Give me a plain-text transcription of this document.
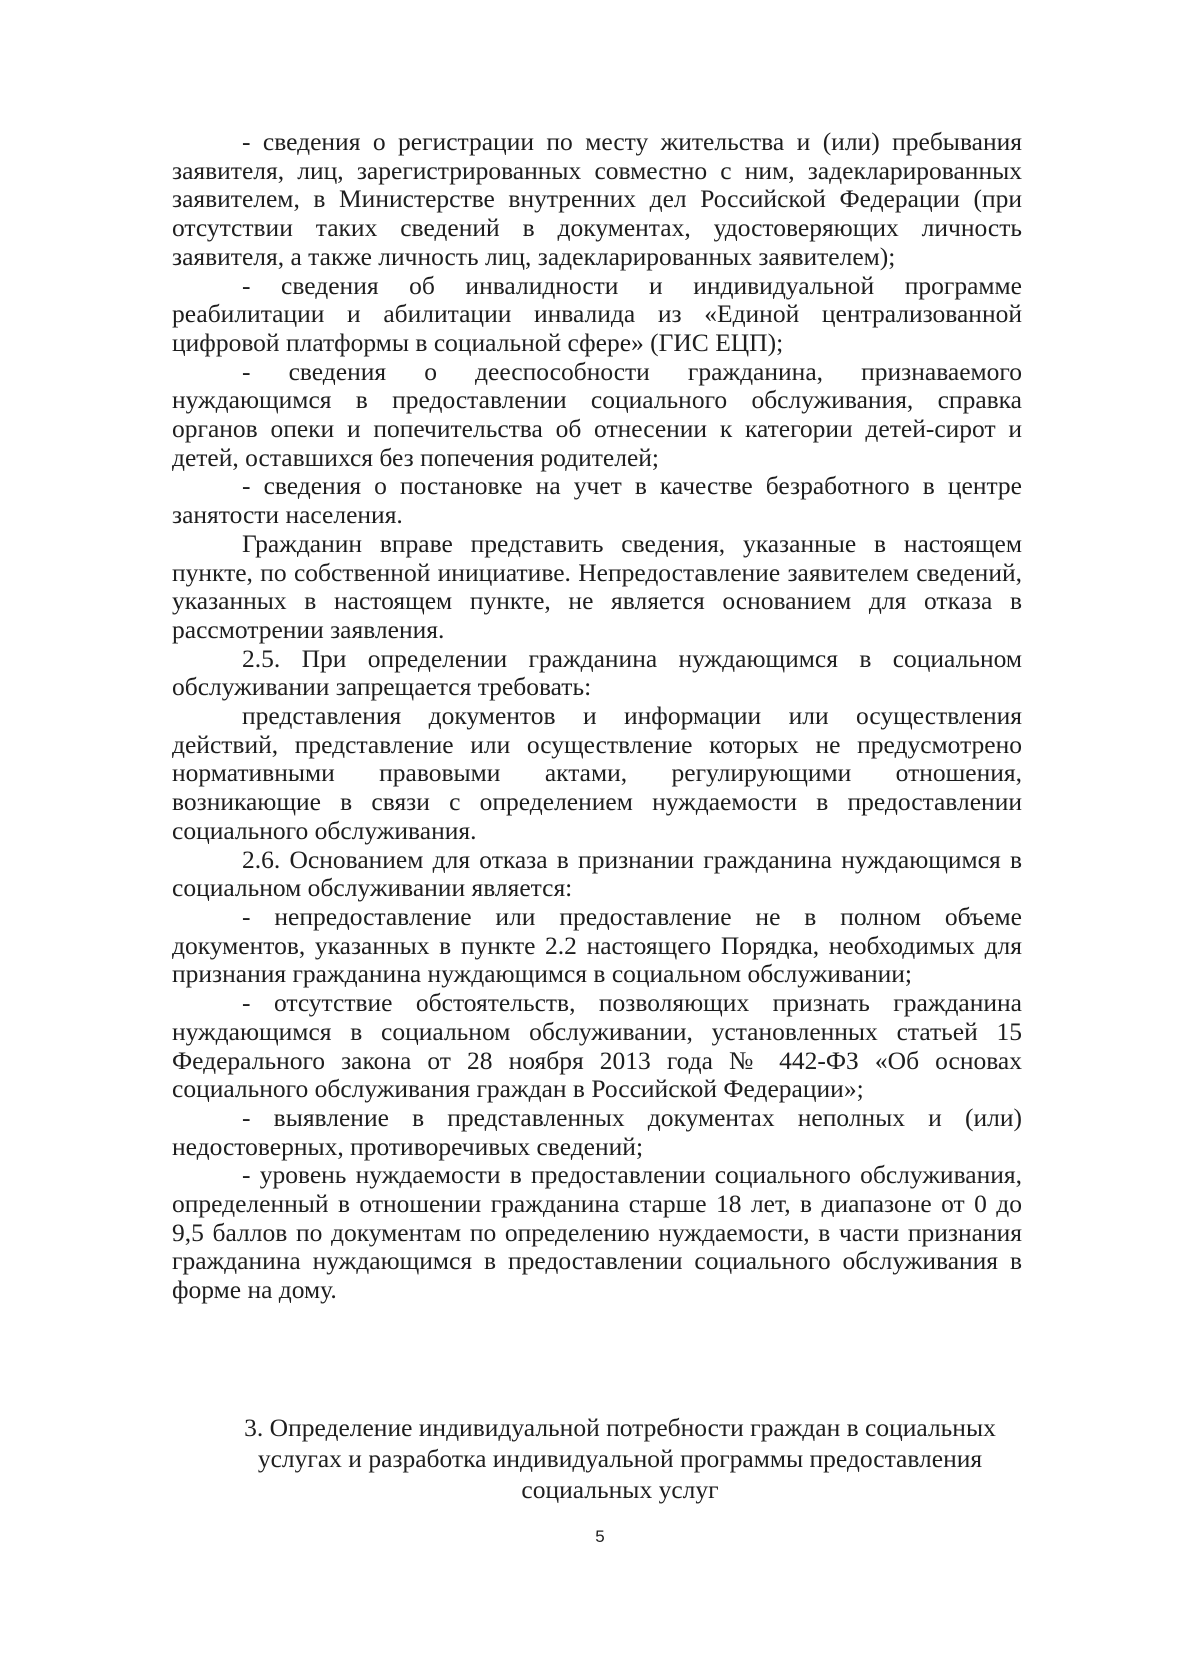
- сведения о регистрации по месту жительства и (или) пребывания заявителя, лиц, зарегистрированных совместно с ним, задекларированных заявителем, в Министерстве внутренних дел Российской Федерации (при отсутствии таких сведений в документах, удостоверяющих личность заявителя, а также личность лиц, задекларированных заявителем);

- сведения об инвалидности и индивидуальной программе реабилитации и абилитации инвалида из «Единой централизованной цифровой платформы в социальной сфере» (ГИС ЕЦП);

- сведения о дееспособности гражданина, признаваемого нуждающимся в предоставлении социального обслуживания, справка органов опеки и попечительства об отнесении к категории детей-сирот и детей, оставшихся без попечения родителей;

- сведения о постановке на учет в качестве безработного в центре занятости населения.

Гражданин вправе представить сведения, указанные в настоящем пункте, по собственной инициативе. Непредоставление заявителем сведений, указанных в настоящем пункте, не является основанием для отказа в рассмотрении заявления.

2.5. При определении гражданина нуждающимся в социальном обслуживании запрещается требовать:

представления документов и информации или осуществления действий, представление или осуществление которых не предусмотрено нормативными правовыми актами, регулирующими отношения, возникающие в связи с определением нуждаемости в предоставлении социального обслуживания.

2.6. Основанием для отказа в признании гражданина нуждающимся в социальном обслуживании является:

- непредоставление или предоставление не в полном объеме документов, указанных в пункте 2.2 настоящего Порядка, необходимых для признания гражданина нуждающимся в социальном обслуживании;

- отсутствие обстоятельств, позволяющих признать гражданина нуждающимся в социальном обслуживании, установленных статьей 15 Федерального закона от 28 ноября 2013 года № 442-ФЗ «Об основах социального обслуживания граждан в Российской Федерации»;

- выявление в представленных документах неполных и (или) недостоверных, противоречивых сведений;

- уровень нуждаемости в предоставлении социального обслуживания, определенный в отношении гражданина старше 18 лет, в диапазоне от 0 до 9,5 баллов по документам по определению нуждаемости, в части признания гражданина нуждающимся в предоставлении социального обслуживания в форме на дому.

3. Определение индивидуальной потребности граждан в социальных услугах и разработка индивидуальной программы предоставления социальных услуг

5
